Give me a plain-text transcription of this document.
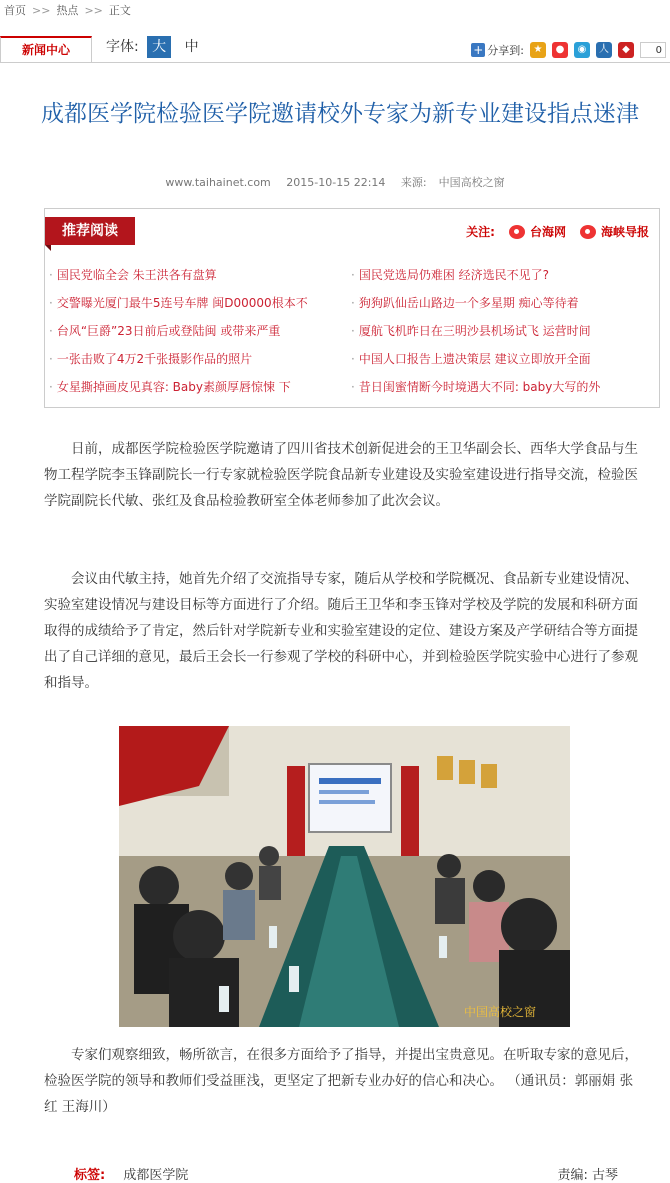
首页 >> 热点 >> 正文
新闻中心	字体: 大 中	+ 分享到: ★	●	◉	人	◆	0
成都医学院检验医学院邀请校外专家为新专业建设指点迷津
www.taihainet.com 2015-10-15 22:14 来源: 中国高校之窗
推荐阅读	关注:	台海网	海峡导报
· 国民党临全会 朱王洪各有盘算
· 交警曝光厦门最牛5连号车牌 闽D00000根本不
· 台风“巨爵”23日前后或登陆闽 或带来严重
· 一张击败了4万2千张摄影作品的照片
· 女星撕掉画皮见真容: Baby素颜厚唇惊悚 下
· 国民党选局仍难困 经济选民不见了?
· 狗狗趴仙岳山路边一个多星期 痴心等待着
· 厦航飞机昨日在三明沙县机场试飞 运营时间
· 中国人口报告上遗决策层 建议立即放开全面
· 昔日闺蜜情断今时境遇大不同: baby大写的外

日前，成都医学院检验医学院邀请了四川省技术创新促进会的王卫华副会长、西华大学食品与生物工程学院李玉锋副院长一行专家就检验医学院食品新专业建设及实验室建设进行指导交流，检验医学院副院长代敏、张红及食品检验教研室全体老师参加了此次会议。

会议由代敏主持，她首先介绍了交流指导专家，随后从学校和学院概况、食品新专业建设情况、实验室建设情况与建设目标等方面进行了介绍。随后王卫华和李玉锋对学校及学院的发展和科研方面取得的成绩给予了肯定，然后针对学院新专业和实验室建设的定位、建设方案及产学研结合等方面提出了自己详细的意见，最后王会长一行参观了学校的科研中心，并到检验医学院实验中心进行了参观和指导。

中国高校之窗

专家们观察细致，畅所欲言，在很多方面给予了指导，并提出宝贵意见。在听取专家的意见后，检验医学院的领导和教师们受益匪浅，更坚定了把新专业办好的信心和决心。 （通讯员：郭丽娟 张红 王海川）

标签: 成都医学院	责编: 古琴
